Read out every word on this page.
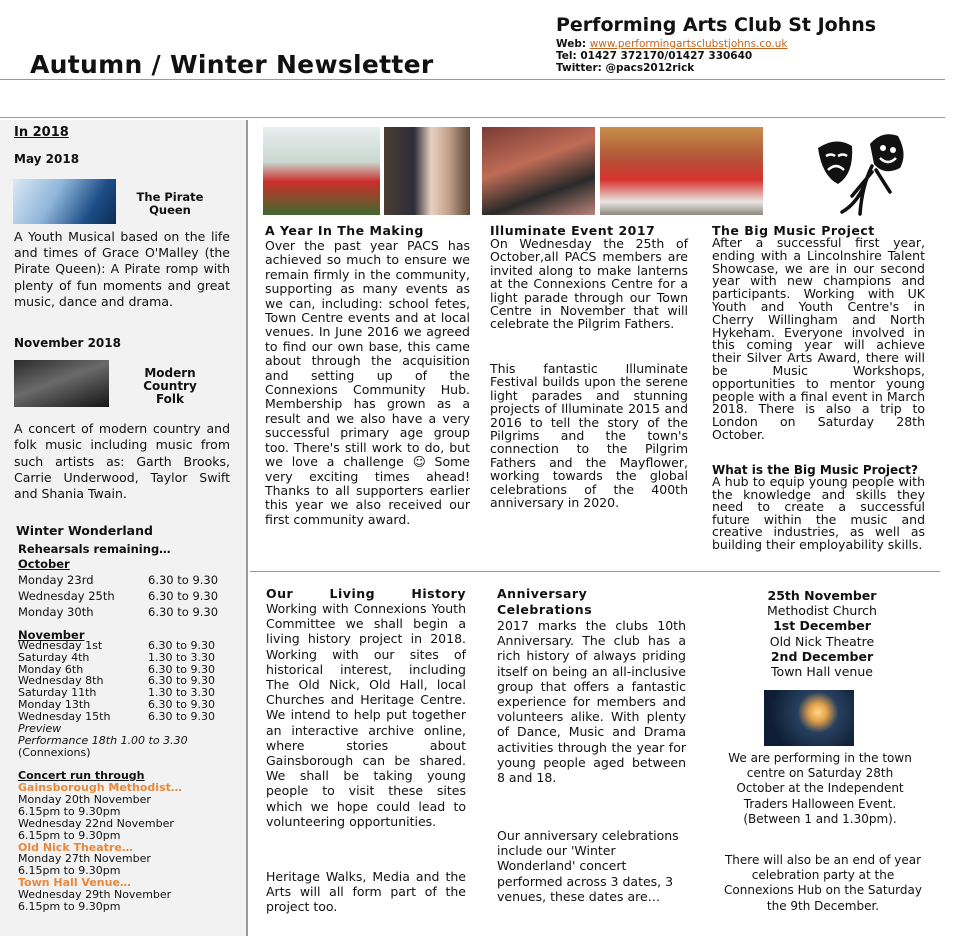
Autumn / Winter Newsletter
Performing Arts Club St Johns
Web: www.performingartsclubstjohns.co.uk
Tel: 01427 372170/01427 330640
Twitter: @pacs2012rick
In 2018
May 2018
The Pirate
Queen
A Youth Musical based on the life and times of Grace O'Malley (the Pirate Queen): A Pirate romp with plenty of fun moments and great music, dance and drama.
November 2018
Modern
Country
Folk
A concert of modern country and folk music including music from such artists as: Garth Brooks, Carrie Underwood, Taylor Swift and Shania Twain.
Winter Wonderland
Rehearsals remaining…
October
Monday 23rd	6.30 to 9.30
Wednesday 25th	6.30 to 9.30
Monday 30th	6.30 to 9.30
November
Wednesday 1st	6.30 to 9.30
Saturday 4th	1.30 to 3.30
Monday 6th	6.30 to 9.30
Wednesday 8th	6.30 to 9.30
Saturday 11th	1.30 to 3.30
Monday 13th	6.30 to 9.30
Wednesday 15th	6.30 to 9.30
Preview
Performance 18th 1.00 to 3.30
(Connexions)
Concert run through
Gainsborough Methodist…
Monday 20th November
6.15pm to 9.30pm
Wednesday 22nd November
6.15pm to 9.30pm
Old Nick Theatre…
Monday 27th November
6.15pm to 9.30pm
Town Hall Venue…
Wednesday 29th November
6.15pm to 9.30pm
A Year In The Making
Over the past year PACS has achieved so much to ensure we remain firmly in the community, supporting as many events as we can, including: school fetes, Town Centre events and at local venues. In June 2016 we agreed to find our own base, this came about through the acquisition and setting up of the Connexions Community Hub. Membership has grown as a result and we also have a very successful primary age group too. There's still work to do, but we love a challenge ☺ Some very exciting times ahead! Thanks to all supporters earlier this year we also received our first community award.
Illuminate Event 2017
On Wednesday the 25th of October,all PACS members are invited along to make lanterns at the Connexions Centre for a light parade through our Town Centre in November that will celebrate the Pilgrim Fathers.
This fantastic Illuminate Festival builds upon the serene light parades and stunning projects of Illuminate 2015 and 2016 to tell the story of the Pilgrims and the town's connection to the Pilgrim Fathers and the Mayflower, working towards the global celebrations of the 400th anniversary in 2020.
The Big Music Project
After a successful first year, ending with a Lincolnshire Talent Showcase, we are in our second year with new champions and participants. Working with UK Youth and Youth Centre's in Cherry Willingham and North Hykeham. Everyone involved in this coming year will achieve their Silver Arts Award, there will be Music Workshops, opportunities to mentor young people with a final event in March 2018. There is also a trip to London on Saturday 28th October.
What is the Big Music Project?
A hub to equip young people with the knowledge and skills they need to create a successful future within the music and creative industries, as well as building their employability skills.
Our Living History
Working with Connexions Youth Committee we shall begin a living history project in 2018. Working with our sites of historical interest, including The Old Nick, Old Hall, local Churches and Heritage Centre. We intend to help put together an interactive archive online, where stories about Gainsborough can be shared. We shall be taking young people to visit these sites which we hope could lead to volunteering opportunities.
Heritage Walks, Media and the Arts will all form part of the project too.
Anniversary
Celebrations
2017 marks the clubs 10th Anniversary. The club has a rich history of always priding itself on being an all-inclusive group that offers a fantastic experience for members and volunteers alike. With plenty of Dance, Music and Drama activities through the year for young people aged between 8 and 18.
Our anniversary celebrations include our 'Winter Wonderland' concert performed across 3 dates, 3 venues, these dates are…
25th November
Methodist Church
1st December
Old Nick Theatre
2nd December
Town Hall venue
We are performing in the town centre on Saturday 28th October at the Independent Traders Halloween Event. (Between 1 and 1.30pm).
There will also be an end of year celebration party at the Connexions Hub on the Saturday the 9th December.
